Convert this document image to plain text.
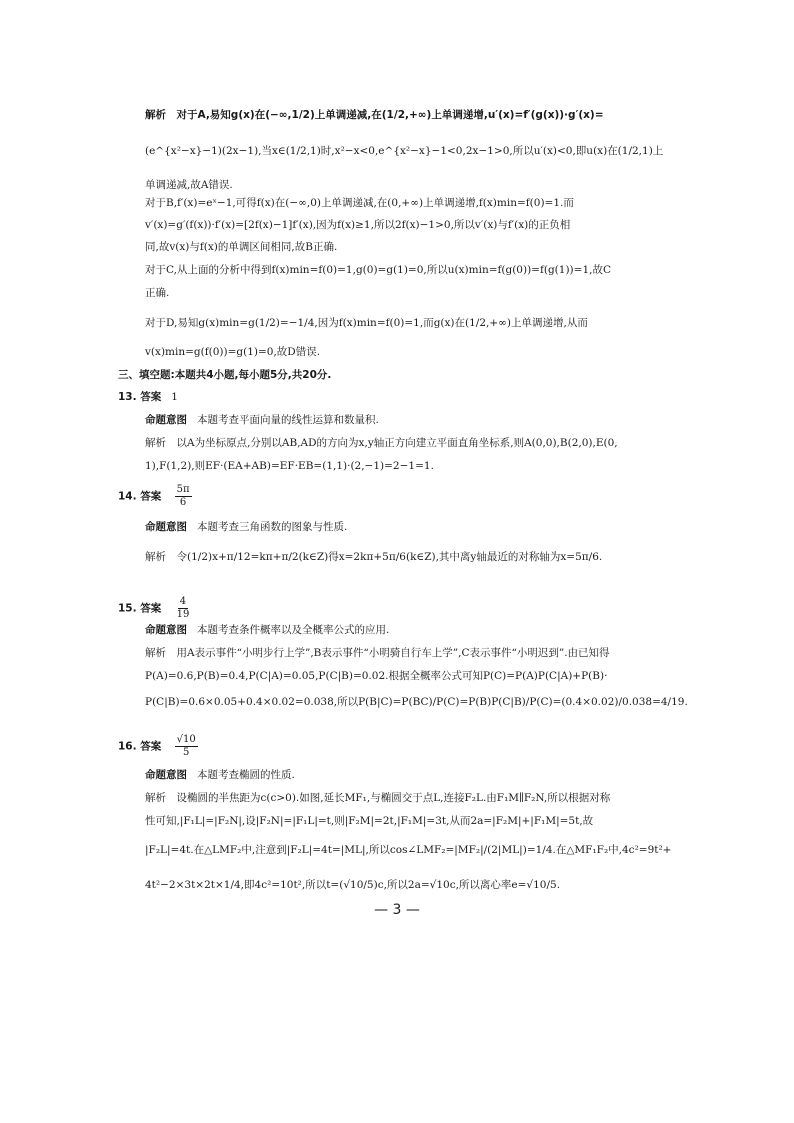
解析　对于A,易知g(x)在(−∞,1/2)上单调递减,在(1/2,+∞)上单调递增,u′(x)=f′(g(x))·g′(x)=
(e^{x²−x}−1)(2x−1),当x∈(1/2,1)时,x²−x<0,e^{x²−x}−1<0,2x−1>0,所以u′(x)<0,即u(x)在(1/2,1)上
单调递减,故A错误.
对于B,f′(x)=eˣ−1,可得f(x)在(−∞,0)上单调递减,在(0,+∞)上单调递增,f(x)min=f(0)=1.而
v′(x)=g′(f(x))·f′(x)=[2f(x)−1]f′(x),因为f(x)≥1,所以2f(x)−1>0,所以v′(x)与f′(x)的正负相
同,故v(x)与f(x)的单调区间相同,故B正确.
对于C,从上面的分析中得到f(x)min=f(0)=1,g(0)=g(1)=0,所以u(x)min=f(g(0))=f(g(1))=1,故C
正确.
对于D,易知g(x)min=g(1/2)=−1/4,因为f(x)min=f(0)=1,而g(x)在(1/2,+∞)上单调递增,从而
v(x)min=g(f(0))=g(1)=0,故D错误.
三、填空题:本题共4小题,每小题5分,共20分.
13. 答案 1
命题意图 本题考查平面向量的线性运算和数量积.
解析　以A为坐标原点,分别以AB,AD的方向为x,y轴正方向建立平面直角坐标系,则A(0,0),B(2,0),E(0,
1),F(1,2),则EF·(EA+AB)=EF·EB=(1,1)·(2,−1)=2−1=1.
14. 答案 $\frac{5\pi}{6}$
命题意图 本题考查三角函数的图象与性质.
解析　令(1/2)x+π/12=kπ+π/2(k∈Z)得x=2kπ+5π/6(k∈Z),其中离y轴最近的对称轴为x=5π/6.
15. 答案 $\frac{4}{19}$
命题意图 本题考查条件概率以及全概率公式的应用.
解析　用A表示事件“小明步行上学”,B表示事件“小明骑自行车上学”,C表示事件“小明迟到”.由已知得
P(A)=0.6,P(B)=0.4,P(C|A)=0.05,P(C|B)=0.02.根据全概率公式可知P(C)=P(A)P(C|A)+P(B)·
P(C|B)=0.6×0.05+0.4×0.02=0.038,所以P(B|C)=P(BC)/P(C)=P(B)P(C|B)/P(C)=(0.4×0.02)/0.038=4/19.
16. 答案 $\frac{√10}{5}$
命题意图 本题考查椭圆的性质.
解析　设椭圆的半焦距为c(c>0).如图,延长MF₁,与椭圆交于点L,连接F₂L.由F₁M∥F₂N,所以根据对称
性可知,|F₁L|=|F₂N|,设|F₂N|=|F₁L|=t,则|F₂M|=2t,|F₁M|=3t,从而2a=|F₂M|+|F₁M|=5t,故
|F₂L|=4t.在△LMF₂中,注意到|F₂L|=4t=|ML|,所以cos∠LMF₂=|MF₂|/(2|ML|)=1/4.在△MF₁F₂中,4c²=9t²+
4t²−2×3t×2t×1/4,即4c²=10t²,所以t=(√10/5)c,所以2a=√10c,所以离心率e=√10/5.
— 3 —
